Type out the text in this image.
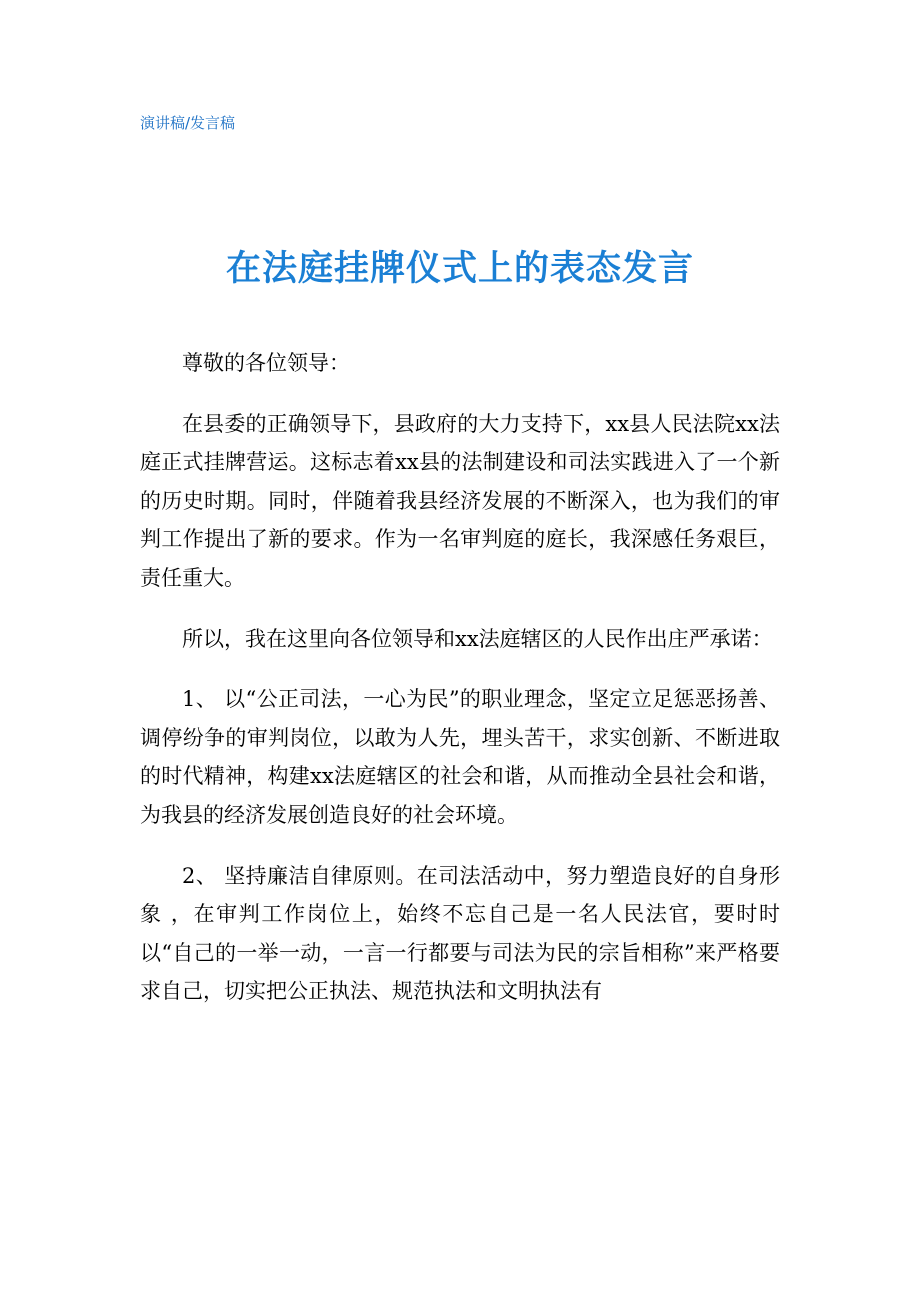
演讲稿/发言稿
在法庭挂牌仪式上的表态发言

尊敬的各位领导：

在县委的正确领导下，县政府的大力支持下，xx县人民法院xx法庭正式挂牌营运。这标志着xx县的法制建设和司法实践进入了一个新的历史时期。同时，伴随着我县经济发展的不断深入，也为我们的审判工作提出了新的要求。作为一名审判庭的庭长，我深感任务艰巨，责任重大。

所以，我在这里向各位领导和xx法庭辖区的人民作出庄严承诺：

1、 以“公正司法，一心为民”的职业理念，坚定立足惩恶扬善、调停纷争的审判岗位，以敢为人先，埋头苦干，求实创新、不断进取的时代精神，构建xx法庭辖区的社会和谐，从而推动全县社会和谐，为我县的经济发展创造良好的社会环境。

2、 坚持廉洁自律原则。在司法活动中，努力塑造良好的自身形象 ，在审判工作岗位上，始终不忘自己是一名人民法官，要时时以“自己的一举一动，一言一行都要与司法为民的宗旨相称”来严格要求自己，切实把公正执法、规范执法和文明执法有
